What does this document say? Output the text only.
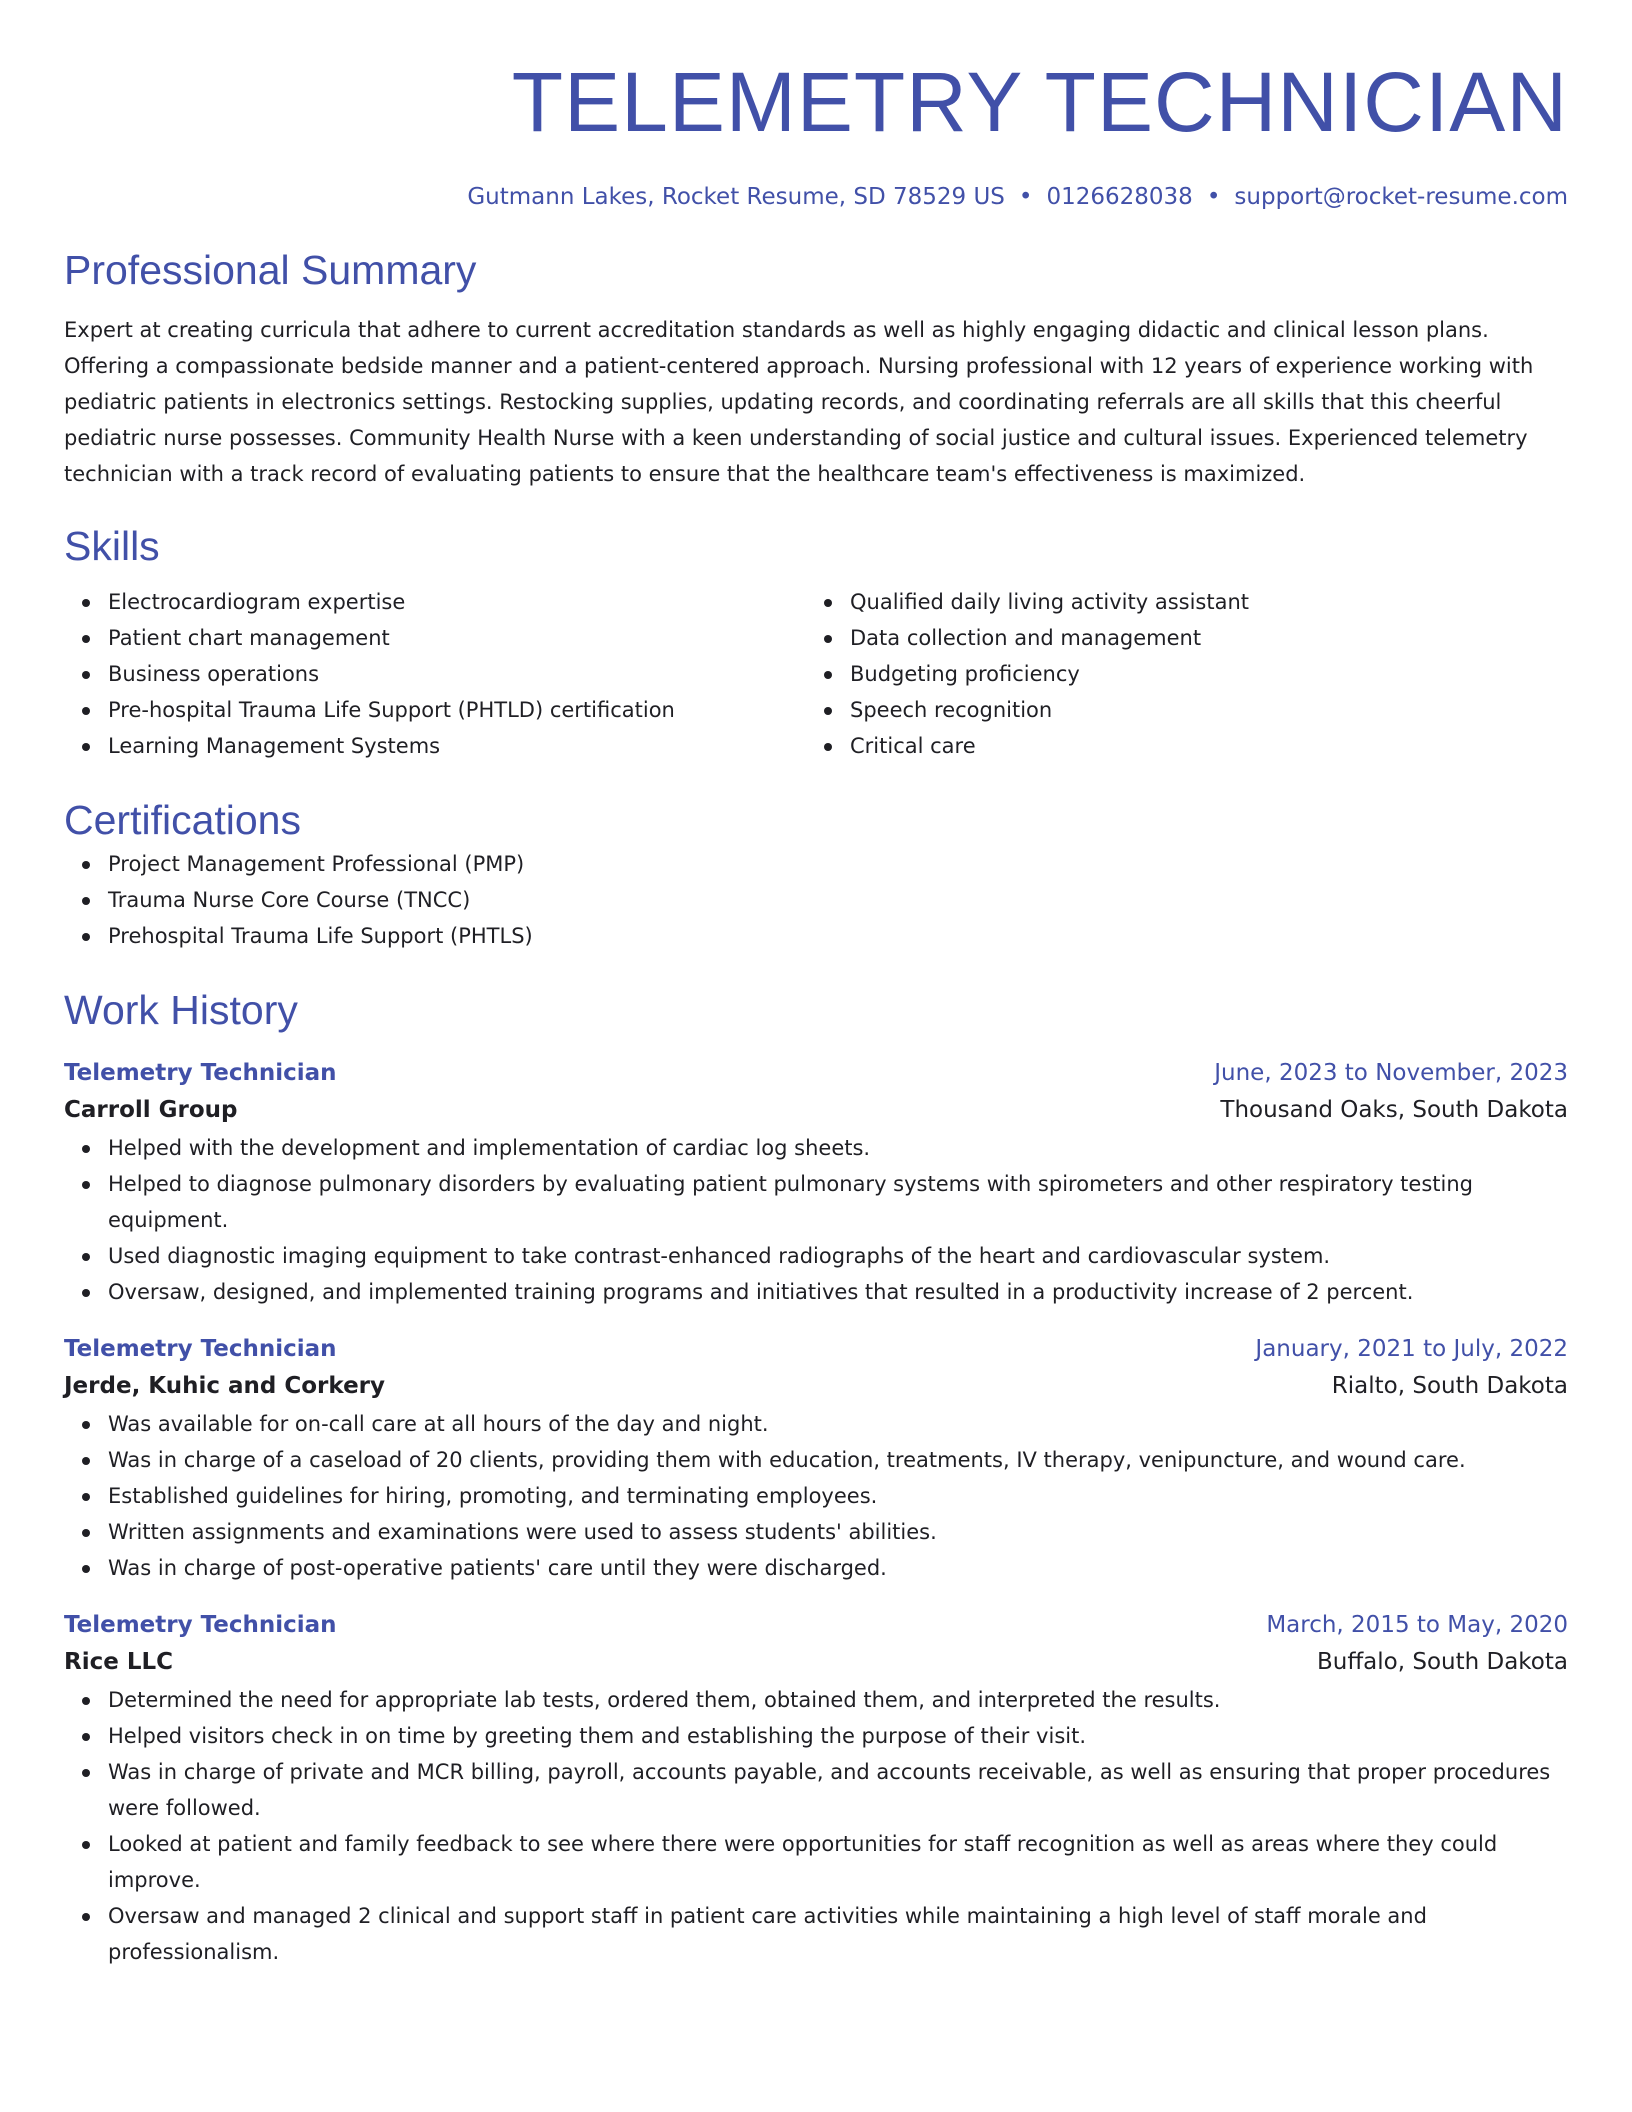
TELEMETRY TECHNICIAN
Gutmann Lakes, Rocket Resume, SD 78529 US • 0126628038 • support@rocket-resume.com
Professional Summary

Expert at creating curricula that adhere to current accreditation standards as well as highly engaging didactic and clinical lesson plans. Offering a compassionate bedside manner and a patient-centered approach. Nursing professional with 12 years of experience working with pediatric patients in electronics settings. Restocking supplies, updating records, and coordinating referrals are all skills that this cheerful pediatric nurse possesses. Community Health Nurse with a keen understanding of social justice and cultural issues. Experienced telemetry technician with a track record of evaluating patients to ensure that the healthcare team's effectiveness is maximized.

Skills
Electrocardiogram expertise
Patient chart management
Business operations
Pre-hospital Trauma Life Support (PHTLD) certification
Learning Management Systems
Qualified daily living activity assistant
Data collection and management
Budgeting proficiency
Speech recognition
Critical care
Certifications
Project Management Professional (PMP)
Trauma Nurse Core Course (TNCC)
Prehospital Trauma Life Support (PHTLS)
Work History
Telemetry Technician	June, 2023 to November, 2023
Carroll Group	Thousand Oaks, South Dakota
Helped with the development and implementation of cardiac log sheets.
Helped to diagnose pulmonary disorders by evaluating patient pulmonary systems with spirometers and other respiratory testing equipment.
Used diagnostic imaging equipment to take contrast-enhanced radiographs of the heart and cardiovascular system.
Oversaw, designed, and implemented training programs and initiatives that resulted in a productivity increase of 2 percent.
Telemetry Technician	January, 2021 to July, 2022
Jerde, Kuhic and Corkery	Rialto, South Dakota
Was available for on-call care at all hours of the day and night.
Was in charge of a caseload of 20 clients, providing them with education, treatments, IV therapy, venipuncture, and wound care.
Established guidelines for hiring, promoting, and terminating employees.
Written assignments and examinations were used to assess students' abilities.
Was in charge of post-operative patients' care until they were discharged.
Telemetry Technician	March, 2015 to May, 2020
Rice LLC	Buffalo, South Dakota
Determined the need for appropriate lab tests, ordered them, obtained them, and interpreted the results.
Helped visitors check in on time by greeting them and establishing the purpose of their visit.
Was in charge of private and MCR billing, payroll, accounts payable, and accounts receivable, as well as ensuring that proper procedures were followed.
Looked at patient and family feedback to see where there were opportunities for staff recognition as well as areas where they could improve.
Oversaw and managed 2 clinical and support staff in patient care activities while maintaining a high level of staff morale and professionalism.
